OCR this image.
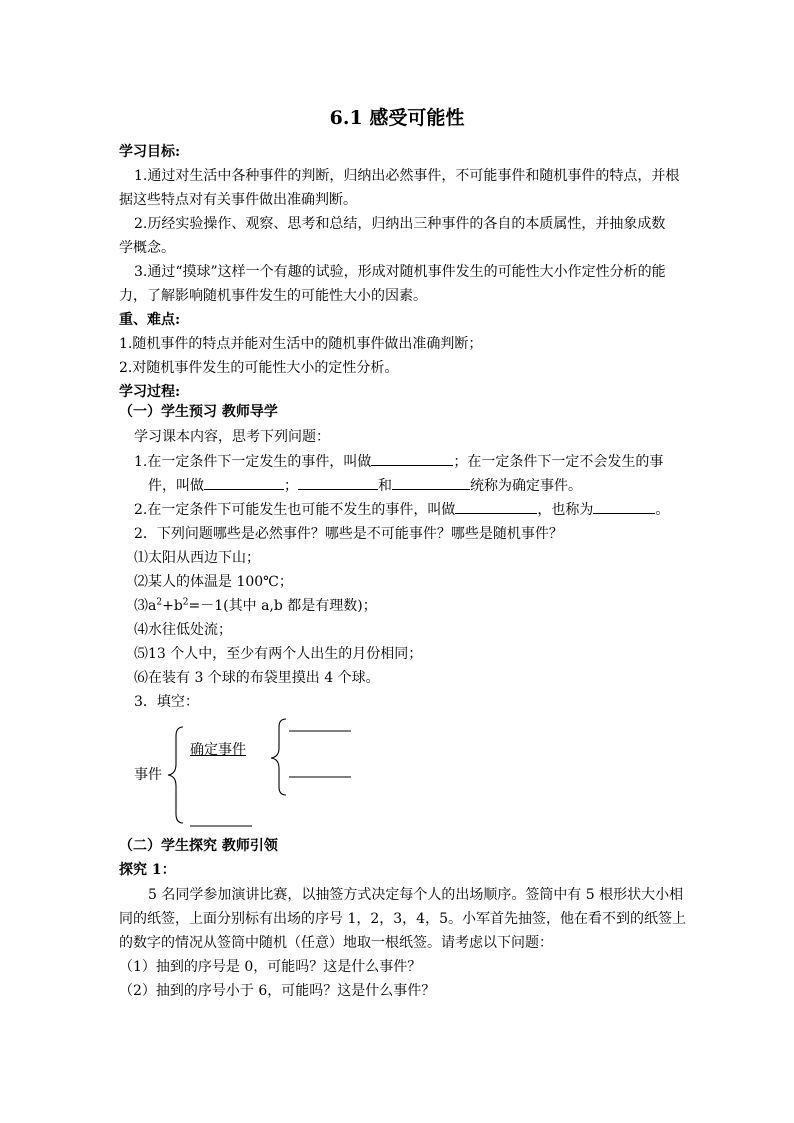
6.1 感受可能性
学习目标:
1.通过对生活中各种事件的判断，归纳出必然事件，不可能事件和随机事件的特点，并根
据这些特点对有关事件做出准确判断。
2.历经实验操作、观察、思考和总结，归纳出三种事件的各自的本质属性，并抽象成数
学概念。
3.通过“摸球”这样一个有趣的试验，形成对随机事件发生的可能性大小作定性分析的能
力，了解影响随机事件发生的可能性大小的因素。
重、难点:
1.随机事件的特点并能对生活中的随机事件做出准确判断；
2.对随机事件发生的可能性大小的定性分析。
学习过程:
（一）学生预习 教师导学
学习课本内容，思考下列问题：
1.在一定条件下一定发生的事件，叫做	；在一定条件下一定不会发生的事
件，叫做	；	和	统称为确定事件。
2.在一定条件下可能发生也可能不发生的事件，叫做	，也称为	。
2．下列问题哪些是必然事件？哪些是不可能事件？哪些是随机事件？
⑴太阳从西边下山；
⑵某人的体温是 100℃；
$⑶a^2+b^2=-1$(其中 a,b 都是有理数)；
⑷水往低处流；
⑸13 个人中，至少有两个人出生的月份相同；
⑹在装有 3 个球的布袋里摸出 4 个球。
3．填空：
事件
确定事件
（二）学生探究 教师引领
探究 1：
5 名同学参加演讲比赛，以抽签方式决定每个人的出场顺序。签筒中有 5 根形状大小相
同的纸签，上面分别标有出场的序号 1，2，3，4，5。小军首先抽签，他在看不到的纸签上
的数字的情况从签筒中随机（任意）地取一根纸签。请考虑以下问题：
（1）抽到的序号是 0，可能吗？这是什么事件？
（2）抽到的序号小于 6，可能吗？这是什么事件？
